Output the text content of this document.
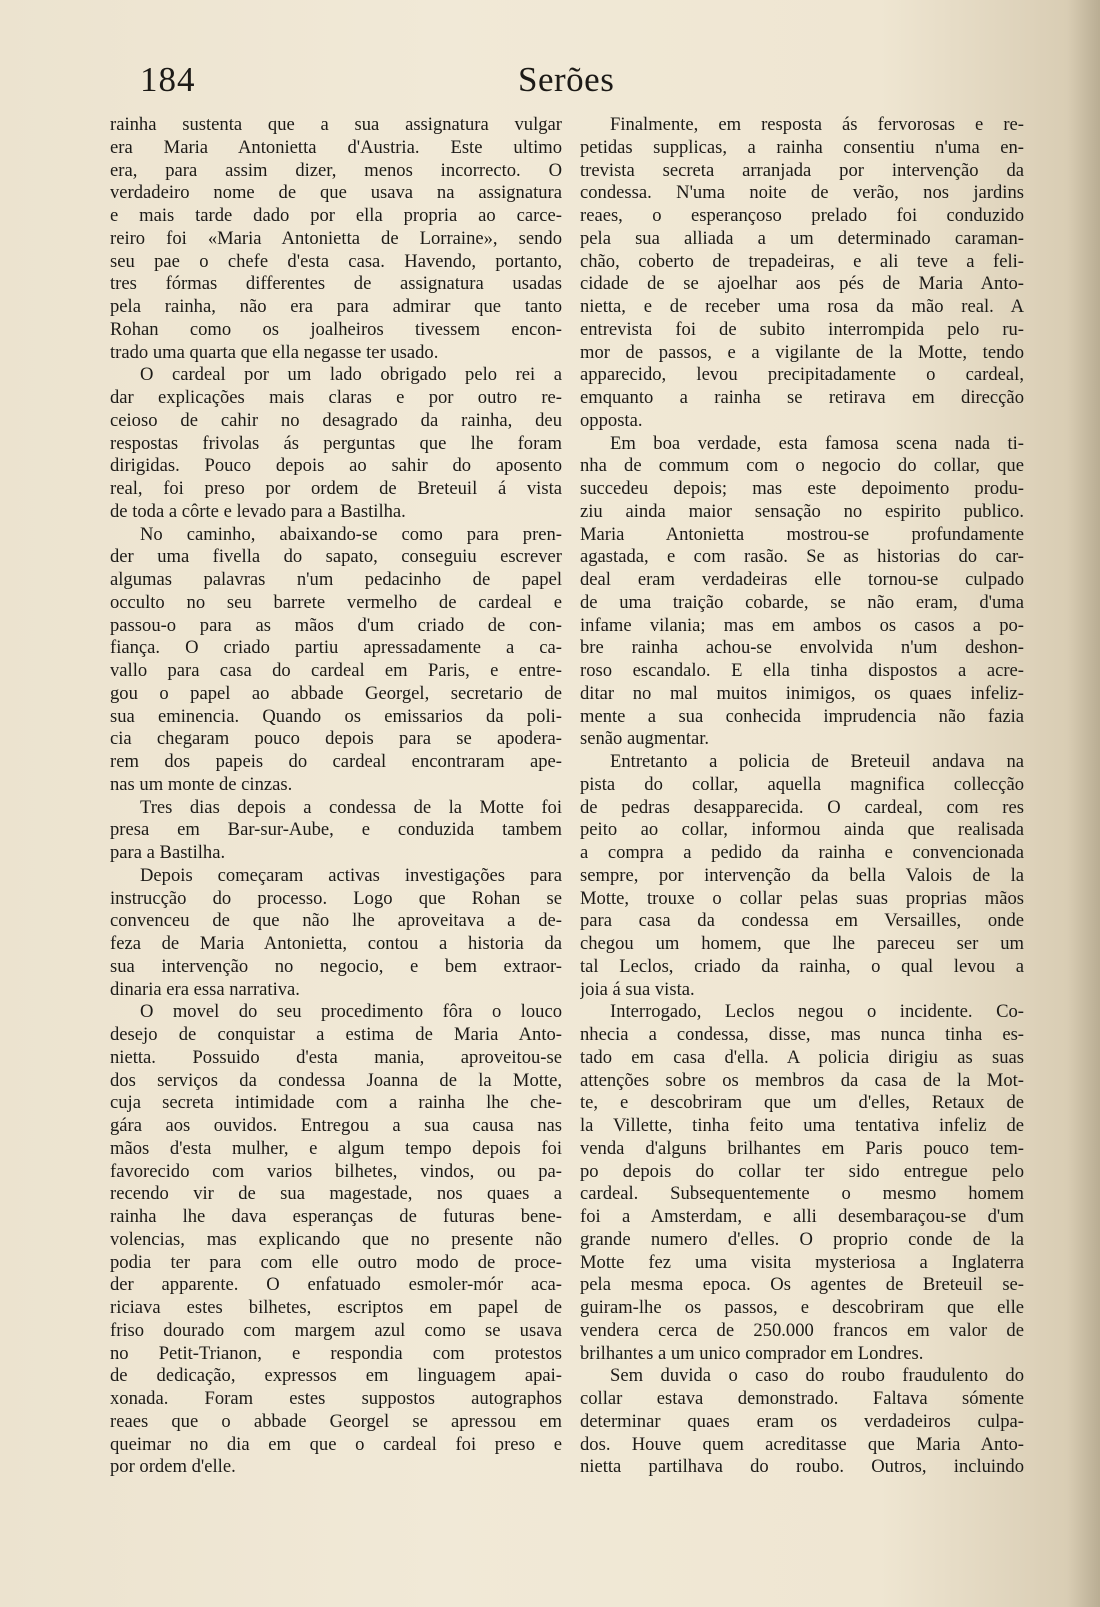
184	Serões
rainha sustenta que a sua assignatura vulgar
era Maria Antonietta d'Austria. Este ultimo
era, para assim dizer, menos incorrecto. O
verdadeiro nome de que usava na assignatura
e mais tarde dado por ella propria ao carce-
reiro foi «Maria Antonietta de Lorraine», sendo
seu pae o chefe d'esta casa. Havendo, portanto,
tres fórmas differentes de assignatura usadas
pela rainha, não era para admirar que tanto
Rohan como os joalheiros tivessem encon-
trado uma quarta que ella negasse ter usado.
O cardeal por um lado obrigado pelo rei a
dar explicações mais claras e por outro re-
ceioso de cahir no desagrado da rainha, deu
respostas frivolas ás perguntas que lhe foram
dirigidas. Pouco depois ao sahir do aposento
real, foi preso por ordem de Breteuil á vista
de toda a côrte e levado para a Bastilha.
No caminho, abaixando-se como para pren-
der uma fivella do sapato, conseguiu escrever
algumas palavras n'um pedacinho de papel
occulto no seu barrete vermelho de cardeal e
passou-o para as mãos d'um criado de con-
fiança. O criado partiu apressadamente a ca-
vallo para casa do cardeal em Paris, e entre-
gou o papel ao abbade Georgel, secretario de
sua eminencia. Quando os emissarios da poli-
cia chegaram pouco depois para se apodera-
rem dos papeis do cardeal encontraram ape-
nas um monte de cinzas.
Tres dias depois a condessa de la Motte foi
presa em Bar-sur-Aube, e conduzida tambem
para a Bastilha.
Depois começaram activas investigações para
instrucção do processo. Logo que Rohan se
convenceu de que não lhe aproveitava a de-
feza de Maria Antonietta, contou a historia da
sua intervenção no negocio, e bem extraor-
dinaria era essa narrativa.
O movel do seu procedimento fôra o louco
desejo de conquistar a estima de Maria Anto-
nietta. Possuido d'esta mania, aproveitou-se
dos serviços da condessa Joanna de la Motte,
cuja secreta intimidade com a rainha lhe che-
gára aos ouvidos. Entregou a sua causa nas
mãos d'esta mulher, e algum tempo depois foi
favorecido com varios bilhetes, vindos, ou pa-
recendo vir de sua magestade, nos quaes a
rainha lhe dava esperanças de futuras bene-
volencias, mas explicando que no presente não
podia ter para com elle outro modo de proce-
der apparente. O enfatuado esmoler-mór aca-
riciava estes bilhetes, escriptos em papel de
friso dourado com margem azul como se usava
no Petit-Trianon, e respondia com protestos
de dedicação, expressos em linguagem apai-
xonada. Foram estes suppostos autographos
reaes que o abbade Georgel se apressou em
queimar no dia em que o cardeal foi preso e
por ordem d'elle.
Finalmente, em resposta ás fervorosas e re-
petidas supplicas, a rainha consentiu n'uma en-
trevista secreta arranjada por intervenção da
condessa. N'uma noite de verão, nos jardins
reaes, o esperançoso prelado foi conduzido
pela sua alliada a um determinado caraman-
chão, coberto de trepadeiras, e ali teve a feli-
cidade de se ajoelhar aos pés de Maria Anto-
nietta, e de receber uma rosa da mão real. A
entrevista foi de subito interrompida pelo ru-
mor de passos, e a vigilante de la Motte, tendo
apparecido, levou precipitadamente o cardeal,
emquanto a rainha se retirava em direcção
opposta.
Em boa verdade, esta famosa scena nada ti-
nha de commum com o negocio do collar, que
succedeu depois; mas este depoimento produ-
ziu ainda maior sensação no espirito publico.
Maria Antonietta mostrou-se profundamente
agastada, e com rasão. Se as historias do car-
deal eram verdadeiras elle tornou-se culpado
de uma traição cobarde, se não eram, d'uma
infame vilania; mas em ambos os casos a po-
bre rainha achou-se envolvida n'um deshon-
roso escandalo. E ella tinha dispostos a acre-
ditar no mal muitos inimigos, os quaes infeliz-
mente a sua conhecida imprudencia não fazia
senão augmentar.
Entretanto a policia de Breteuil andava na
pista do collar, aquella magnifica collecção
de pedras desapparecida. O cardeal, com res
peito ao collar, informou ainda que realisada
a compra a pedido da rainha e convencionada
sempre, por intervenção da bella Valois de la
Motte, trouxe o collar pelas suas proprias mãos
para casa da condessa em Versailles, onde
chegou um homem, que lhe pareceu ser um
tal Leclos, criado da rainha, o qual levou a
joia á sua vista.
Interrogado, Leclos negou o incidente. Co-
nhecia a condessa, disse, mas nunca tinha es-
tado em casa d'ella. A policia dirigiu as suas
attenções sobre os membros da casa de la Mot-
te, e descobriram que um d'elles, Retaux de
la Villette, tinha feito uma tentativa infeliz de
venda d'alguns brilhantes em Paris pouco tem-
po depois do collar ter sido entregue pelo
cardeal. Subsequentemente o mesmo homem
foi a Amsterdam, e alli desembaraçou-se d'um
grande numero d'elles. O proprio conde de la
Motte fez uma visita mysteriosa a Inglaterra
pela mesma epoca. Os agentes de Breteuil se-
guiram-lhe os passos, e descobriram que elle
vendera cerca de 250.000 francos em valor de
brilhantes a um unico comprador em Londres.
Sem duvida o caso do roubo fraudulento do
collar estava demonstrado. Faltava sómente
determinar quaes eram os verdadeiros culpa-
dos. Houve quem acreditasse que Maria Anto-
nietta partilhava do roubo. Outros, incluindo
